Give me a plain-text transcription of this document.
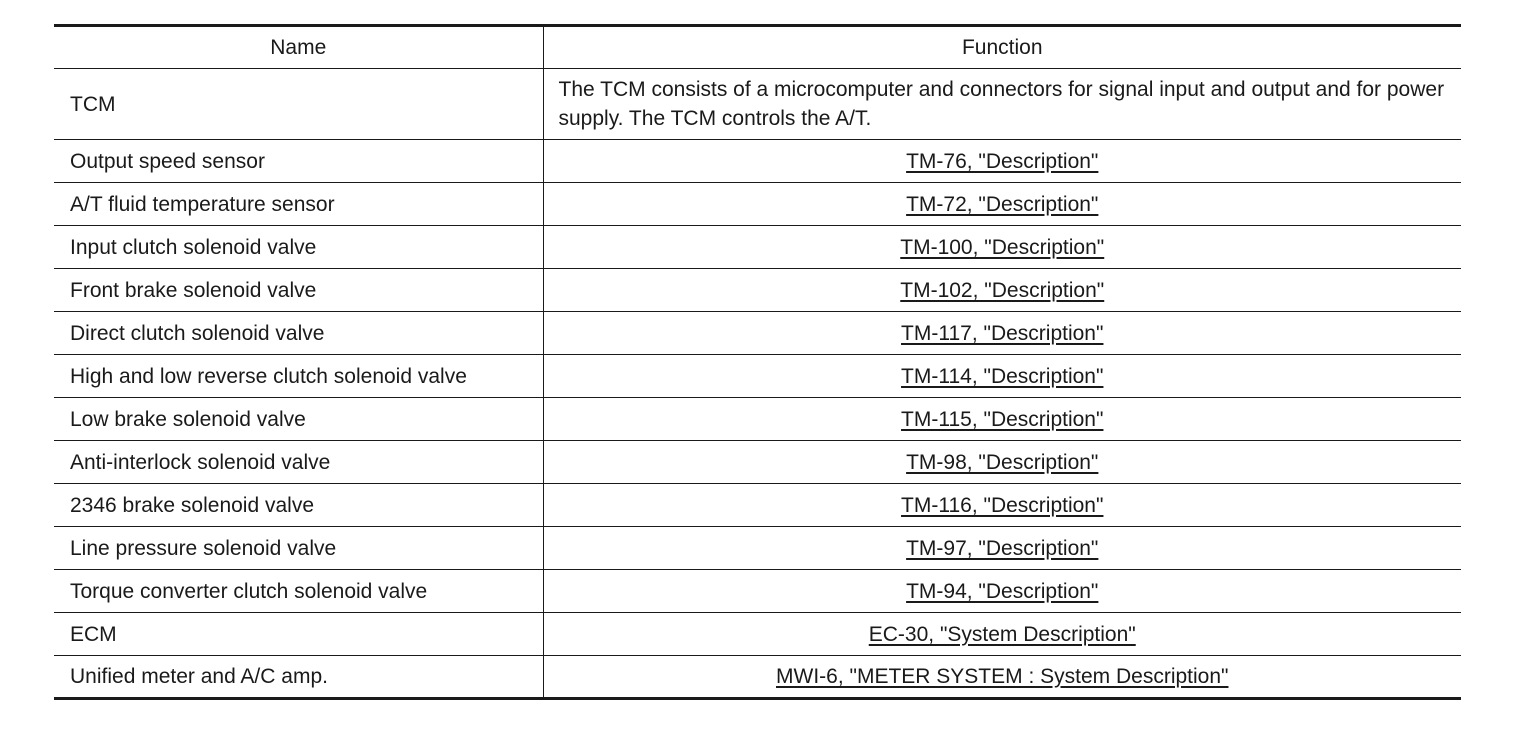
Name	Function
TCM	The TCM consists of a microcomputer and connectors for signal input and output and for power supply. The TCM controls the A/T.
Output speed sensor	TM-76, "Description"
A/T fluid temperature sensor	TM-72, "Description"
Input clutch solenoid valve	TM-100, "Description"
Front brake solenoid valve	TM-102, "Description"
Direct clutch solenoid valve	TM-117, "Description"
High and low reverse clutch solenoid valve	TM-114, "Description"
Low brake solenoid valve	TM-115, "Description"
Anti-interlock solenoid valve	TM-98, "Description"
2346 brake solenoid valve	TM-116, "Description"
Line pressure solenoid valve	TM-97, "Description"
Torque converter clutch solenoid valve	TM-94, "Description"
ECM	EC-30, "System Description"
Unified meter and A/C amp.	MWI-6, "METER SYSTEM : System Description"
